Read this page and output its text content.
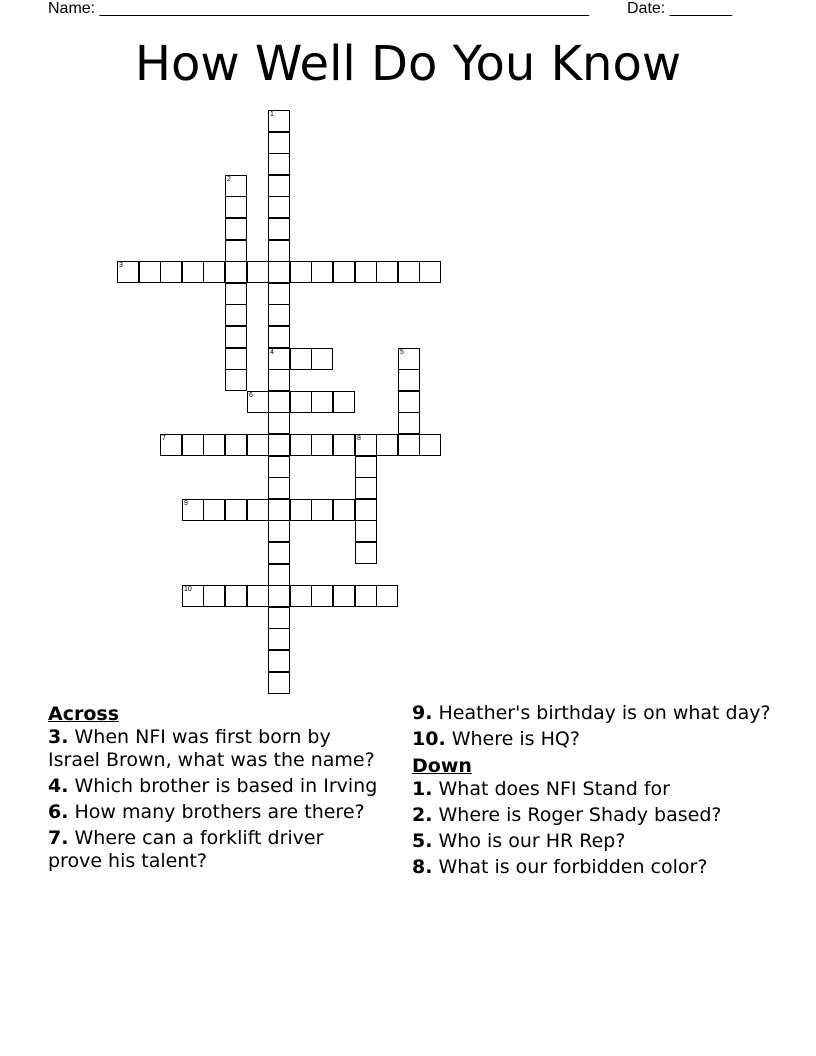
Name: _______________________________________________________ Date: _______
How Well Do You Know
1
4
2
3
5
6
7	8
9
10

Across

3. When NFI was first born by Israel Brown, what was the name?

4. Which brother is based in Irving

6. How many brothers are there?

7. Where can a forklift driver prove his talent?

9. Heather's birthday is on what day?

10. Where is HQ?

Down

1. What does NFI Stand for

2. Where is Roger Shady based?

5. Who is our HR Rep?

8. What is our forbidden color?
